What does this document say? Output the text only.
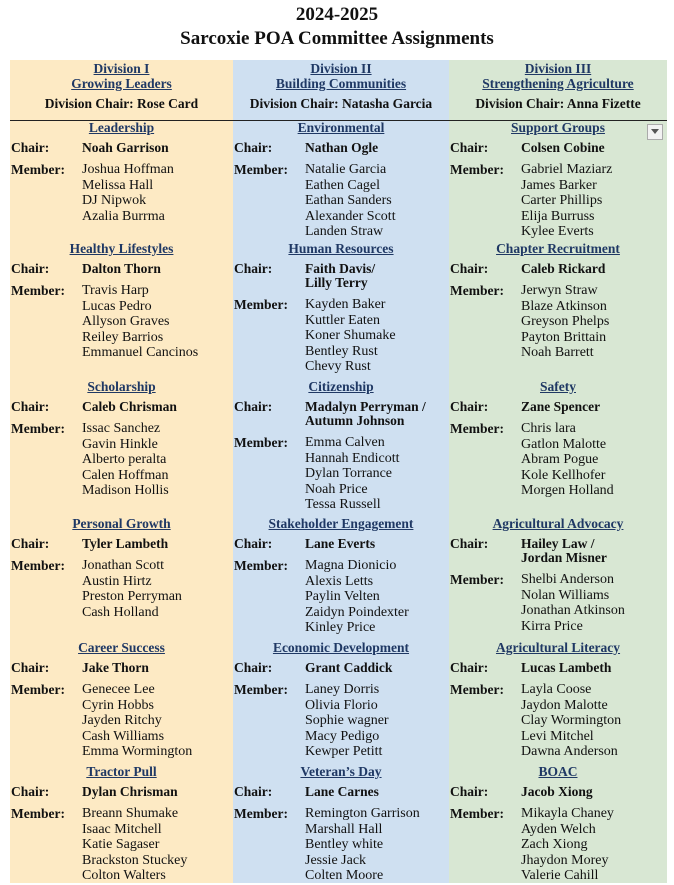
2024-2025
Sarcoxie POA Committee Assignments
Division I
Growing Leaders
Division Chair: Rose Card
Leadership
Chair: Noah Garrison
Member: Joshua Hoffman
Melissa Hall
DJ Nipwok
Azalia Burrma
Healthy Lifestyles
Chair: Dalton Thorn
Member: Travis Harp
Lucas Pedro
Allyson Graves
Reiley Barrios
Emmanuel Cancinos
Scholarship
Chair: Caleb Chrisman
Member: Issac Sanchez
Gavin Hinkle
Alberto peralta
Calen Hoffman
Madison Hollis
Personal Growth
Chair: Tyler Lambeth
Member: Jonathan Scott
Austin Hirtz
Preston Perryman
Cash Holland
Career Success
Chair: Jake Thorn
Member: Genecee Lee
Cyrin Hobbs
Jayden Ritchy
Cash Williams
Emma Wormington
Tractor Pull
Chair: Dylan Chrisman
Member: Breann Shumake
Isaac Mitchell
Katie Sagaser
Brackston Stuckey
Colton Walters
Division II
Building Communities
Division Chair: Natasha Garcia
Environmental
Chair: Nathan Ogle
Member: Natalie Garcia
Eathen Cagel
Eathan Sanders
Alexander Scott
Landen Straw
Human Resources
Chair: Faith Davis/
Lilly Terry
Member: Kayden Baker
Kuttler Eaten
Koner Shumake
Bentley Rust
Chevy Rust
Citizenship
Chair: Madalyn Perryman /
Autumn Johnson
Member: Emma Calven
Hannah Endicott
Dylan Torrance
Noah Price
Tessa Russell
Stakeholder Engagement
Chair: Lane Everts
Member: Magna Dionicio
Alexis Letts
Paylin Velten
Zaidyn Poindexter
Kinley Price
Economic Development
Chair: Grant Caddick
Member: Laney Dorris
Olivia Florio
Sophie wagner
Macy Pedigo
Kewper Petitt
Veteran’s Day
Chair: Lane Carnes
Member: Remington Garrison
Marshall Hall
Bentley white
Jessie Jack
Colten Moore
Division III
Strengthening Agriculture
Division Chair: Anna Fizette
Support Groups
Chair: Colsen Cobine
Member: Gabriel Maziarz
James Barker
Carter Phillips
Elija Burruss
Kylee Everts
Chapter Recruitment
Chair: Caleb Rickard
Member: Jerwyn Straw
Blaze Atkinson
Greyson Phelps
Payton Brittain
Noah Barrett
Safety
Chair: Zane Spencer
Member: Chris lara
Gatlon Malotte
Abram Pogue
Kole Kellhofer
Morgen Holland
Agricultural Advocacy
Chair: Hailey Law /
Jordan Misner
Member: Shelbi Anderson
Nolan Williams
Jonathan Atkinson
Kirra Price
Agricultural Literacy
Chair: Lucas Lambeth
Member: Layla Coose
Jaydon Malotte
Clay Wormington
Levi Mitchel
Dawna Anderson
BOAC
Chair: Jacob Xiong
Member: Mikayla Chaney
Ayden Welch
Zach Xiong
Jhaydon Morey
Valerie Cahill
